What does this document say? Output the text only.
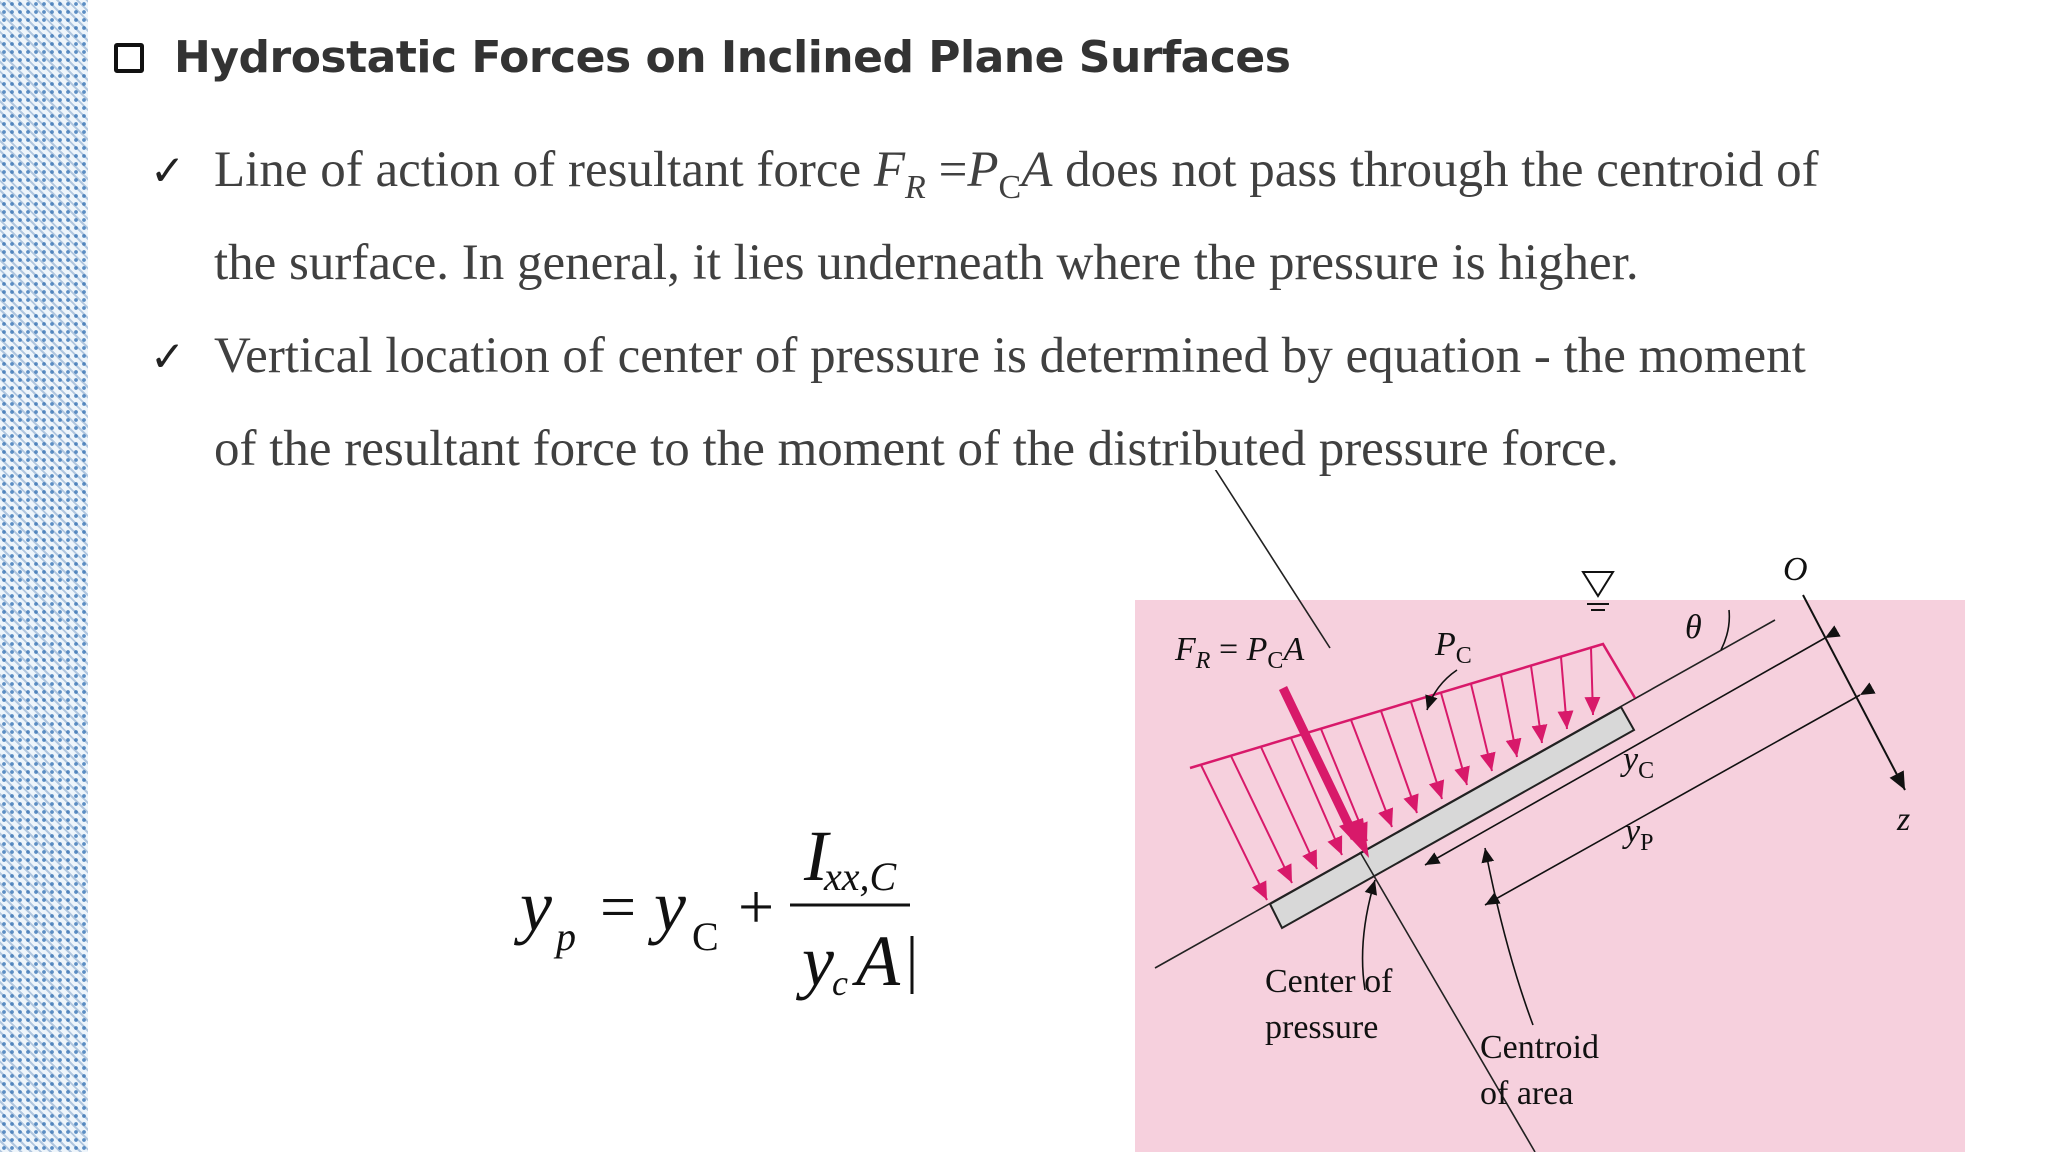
Hydrostatic Forces on Inclined Plane Surfaces
✓ Line of action of resultant force $F_R =P_CA$ does not pass through the centroid of
the surface. In general, it lies underneath where the pressure is higher.
✓ Vertical location of center of pressure is determined by equation - the moment
of the resultant force to the moment of the distributed pressure force.
y p = y C +
I
xx,C
y
c A
$F_R = P_CA$	$P_C$
θ
O
z
$y_C$
$y_P$
Center of
pressure
Centroid
of area
